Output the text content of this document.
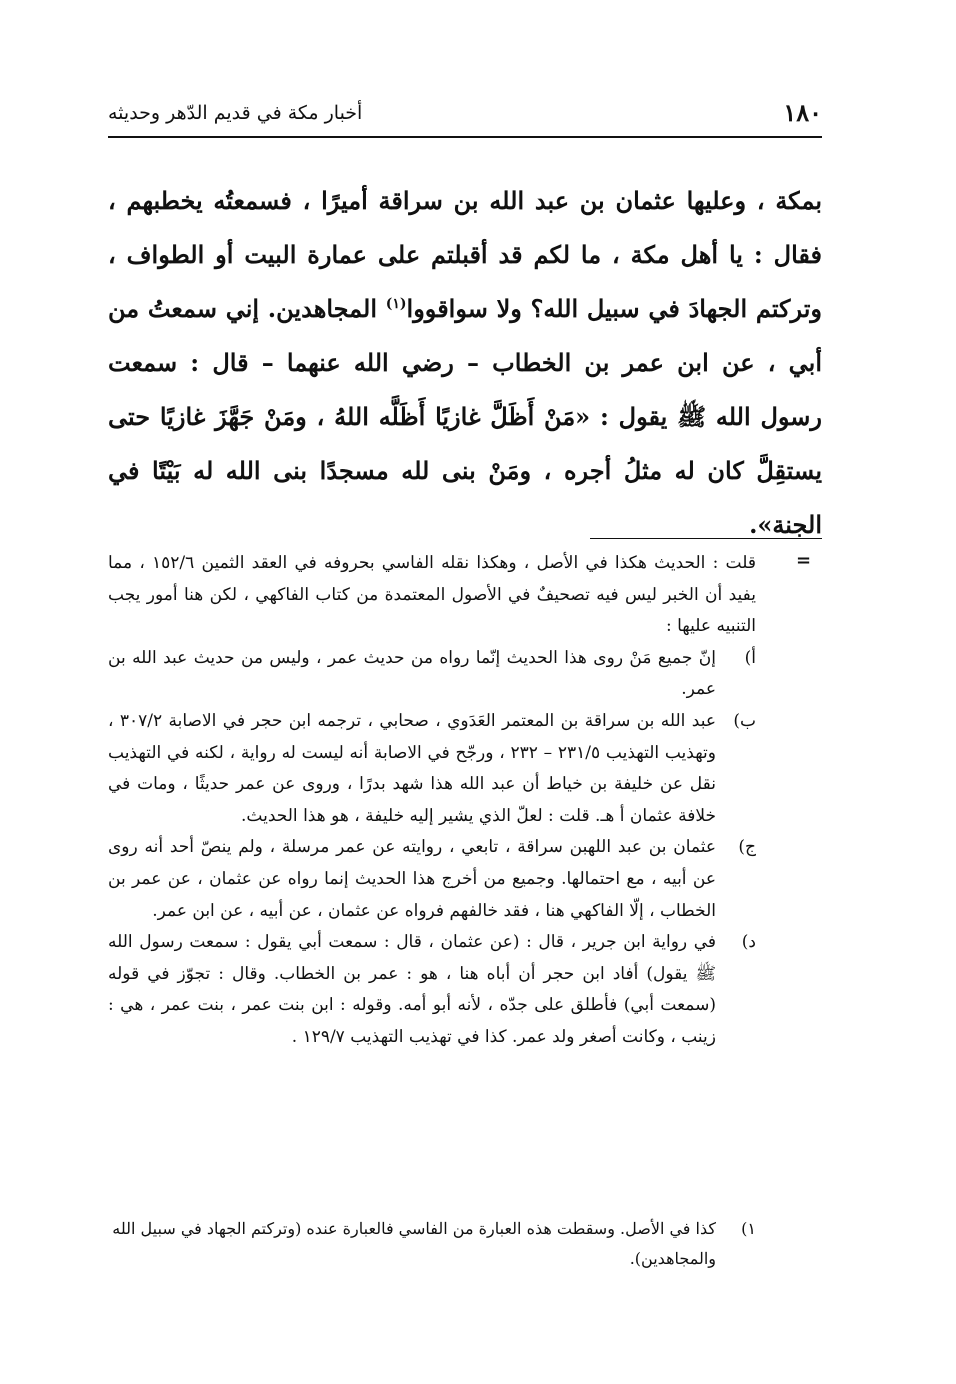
١٨٠
أخبار مكة في قديم الدّهر وحديثه

بمكة ، وعليها عثمان بن عبد الله بن سراقة أميرًا ، فسمعتُه يخطبهم ، فقال : يا أهل مكة ، ما لكم قد أقبلتم على عمارة البيت أو الطواف ، وتركتم الجهادَ في سبيل الله؟ ولا سواقووا$^{(١)}$ المجاهدين. إني سمعتُ من أبي ، عن ابن عمر بن الخطاب – رضي الله عنهما – قال : سمعت رسول الله ﷺ يقول : «مَنْ أَظَلَّ غازيًا أَظَلَّه اللهُ ، ومَنْ جَهَّزَ غازيًا حتى يستقِلَّ كان له مثلُ أجره ، ومَنْ بنى لله مسجدًا بنى الله له بَيْتًا في الجنة».

=

قلت : الحديث هكذا في الأصل ، وهكذا نقله الفاسي بحروفه في العقد الثمين ١٥٢/٦ ، مما يفيد أن الخبر ليس فيه تصحيفٌ في الأصول المعتمدة من كتاب الفاكهي ، لكن هنا أمور يجب التنبيه عليها :

أ)

إنّ جميع مَنْ روى هذا الحديث إنّما رواه من حديث عمر ، وليس من حديث عبد الله بن عمر.

ب)

عبد الله بن سراقة بن المعتمر العَدَوي ، صحابي ، ترجمه ابن حجر في الاصابة ٣٠٧/٢ ، وتهذيب التهذيب ٢٣١/٥ – ٢٣٢ ، ورجّح في الاصابة أنه ليست له رواية ، لكنه في التهذيب نقل عن خليفة بن خياط أن عبد الله هذا شهد بدرًا ، وروى عن عمر حديثًا ، ومات في خلافة عثمان أ هـ. قلت : لعلّ الذي يشير إليه خليفة ، هو هذا الحديث.

ج)

عثمان بن عبد اللهبن سراقة ، تابعي ، روايته عن عمر مرسلة ، ولم ينصّ أحد أنه روى عن أبيه ، مع احتمالها. وجميع من أخرج هذا الحديث إنما رواه عن عثمان ، عن عمر بن الخطاب ، إلّا الفاكهي هنا ، فقد خالفهم فرواه عن عثمان ، عن أبيه ، عن ابن عمر.

د)

في رواية ابن جرير ، قال : (عن عثمان ، قال : سمعت أبي يقول : سمعت رسول الله ﷺ يقول) أفاد ابن حجر أن أباه هنا ، هو : عمر بن الخطاب. وقال : تجوّز في قوله (سمعت أبي) فأطلق على جدّه ، لأنه أبو أمه. وقوله : ابن بنت عمر ، بنت عمر ، هي : زينب ، وكانت أصغر ولد عمر. كذا في تهذيب التهذيب ١٢٩/٧ .

١)

كذا في الأصل. وسقطت هذه العبارة من الفاسي فالعبارة عنده (وتركتم الجهاد في سبيل الله والمجاهدين).
